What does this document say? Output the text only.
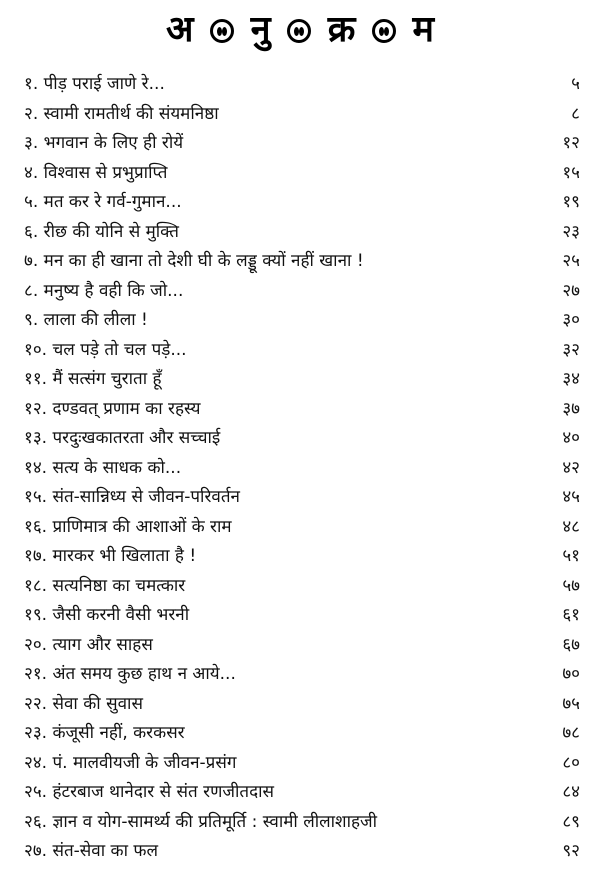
अ नु क्र म
१. पीड़ पराई जाणे रे...	५
२. स्वामी रामतीर्थ की संयमनिष्ठा	८
३. भगवान के लिए ही रोयें	१२
४. विश्वास से प्रभुप्राप्ति	१५
५. मत कर रे गर्व-गुमान...	१९
६. रीछ की योनि से मुक्ति	२३
७. मन का ही खाना तो देशी घी के लड्डू क्यों नहीं खाना !	२५
८. मनुष्य है वही कि जो...	२७
९. लाला की लीला !	३०
१०. चल पड़े तो चल पड़े...	३२
११. मैं सत्संग चुराता हूँ	३४
१२. दण्डवत् प्रणाम का रहस्य	३७
१३. परदुःखकातरता और सच्चाई	४०
१४. सत्य के साधक को...	४२
१५. संत-सान्निध्य से जीवन-परिवर्तन	४५
१६. प्राणिमात्र की आशाओं के राम	४८
१७. मारकर भी खिलाता है !	५१
१८. सत्यनिष्ठा का चमत्कार	५७
१९. जैसी करनी वैसी भरनी	६१
२०. त्याग और साहस	६७
२१. अंत समय कुछ हाथ न आये...	७०
२२. सेवा की सुवास	७५
२३. कंजूसी नहीं, करकसर	७८
२४. पं. मालवीयजी के जीवन-प्रसंग	८०
२५. हंटरबाज थानेदार से संत रणजीतदास	८४
२६. ज्ञान व योग-सामर्थ्य की प्रतिमूर्ति : स्वामी लीलाशाहजी	८९
२७. संत-सेवा का फल	९२
